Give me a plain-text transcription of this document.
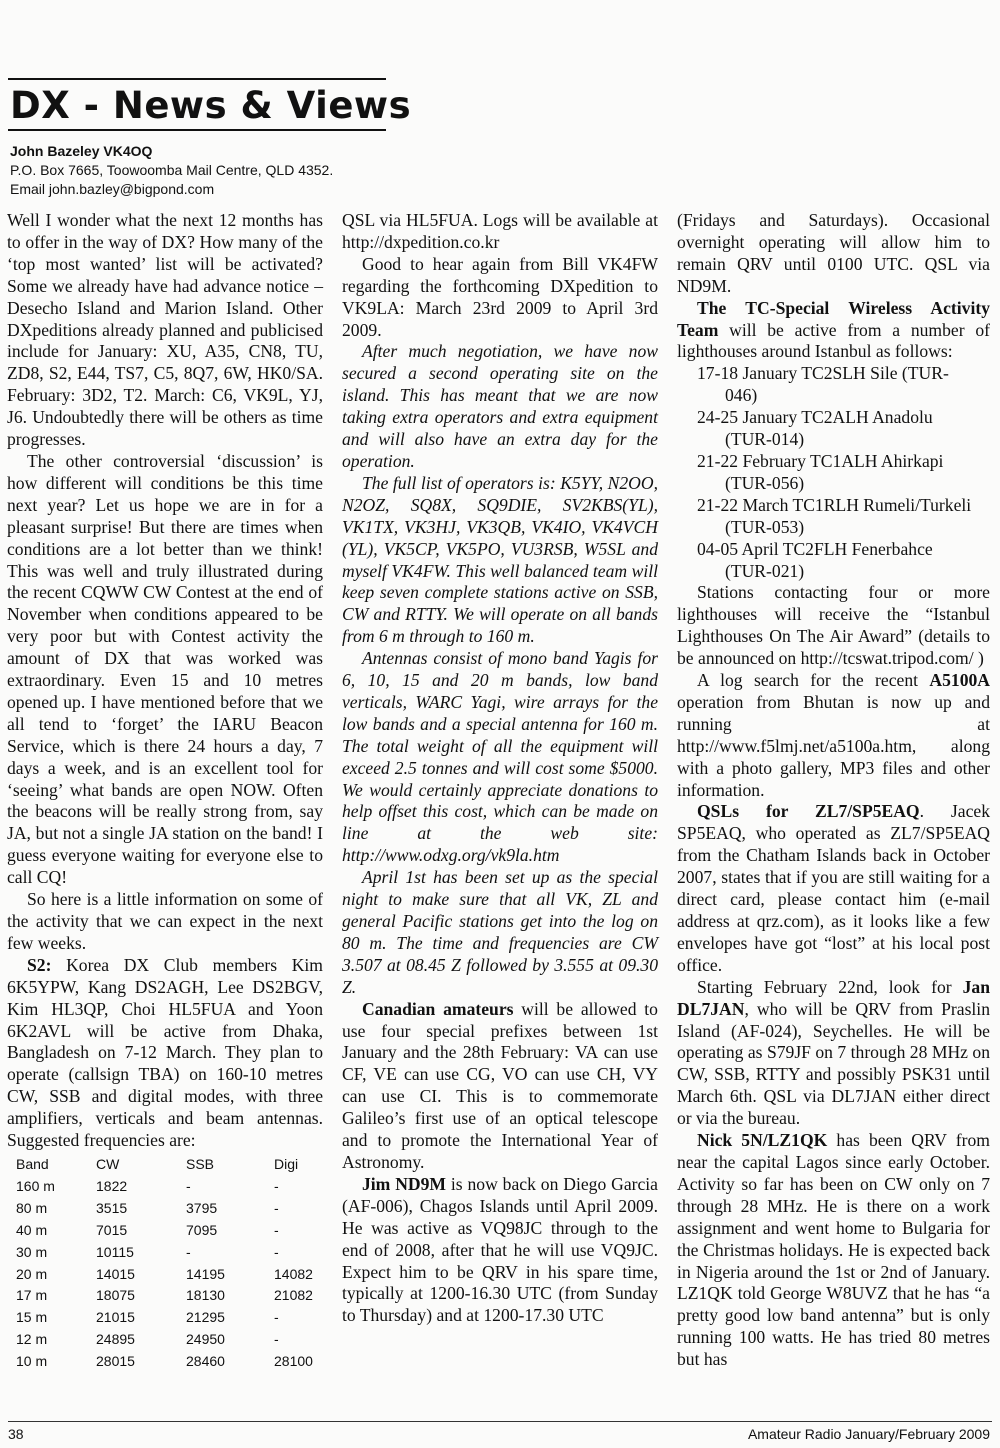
DX - News & Views
John Bazeley VK4OQ
P.O. Box 7665, Toowoomba Mail Centre, QLD 4352.
Email john.bazley@bigpond.com

Well I wonder what the next 12 months has to offer in the way of DX? How many of the ‘top most wanted’ list will be activated? Some we already have had advance notice – Desecho Island and Marion Island. Other DXpeditions already planned and publicised include for January: XU, A35, CN8, TU, ZD8, S2, E44, TS7, C5, 8Q7, 6W, HK0/SA. February: 3D2, T2. March: C6, VK9L, YJ, J6. Undoubtedly there will be others as time progresses.

The other controversial ‘discussion’ is how different will conditions be this time next year? Let us hope we are in for a pleasant surprise! But there are times when conditions are a lot better than we think! This was well and truly illustrated during the recent CQWW CW Contest at the end of November when conditions appeared to be very poor but with Contest activity the amount of DX that was worked was extraordinary. Even 15 and 10 metres opened up. I have mentioned before that we all tend to ‘forget’ the IARU Beacon Service, which is there 24 hours a day, 7 days a week, and is an excellent tool for ‘seeing’ what bands are open NOW. Often the beacons will be really strong from, say JA, but not a single JA station on the band! I guess everyone waiting for everyone else to call CQ!

So here is a little information on some of the activity that we can expect in the next few weeks.

S2: Korea DX Club members Kim 6K5YPW, Kang DS2AGH, Lee DS2BGV, Kim HL3QP, Choi HL5FUA and Yoon 6K2AVL will be active from Dhaka, Bangladesh on 7-12 March. They plan to operate (callsign TBA) on 160-10 metres CW, SSB and digital modes, with three amplifiers, verticals and beam antennas. Suggested frequencies are:

Band	CW	SSB	Digi
160 m	1822	-	-
80 m	3515	3795	-
40 m	7015	7095	-
30 m	10115	-	-
20 m	14015	14195	14082
17 m	18075	18130	21082
15 m	21015	21295	-
12 m	24895	24950	-
10 m	28015	28460	28100

QSL via HL5FUA. Logs will be available at http://dxpedition.co.kr

Good to hear again from Bill VK4FW regarding the forthcoming DXpedition to VK9LA: March 23rd 2009 to April 3rd 2009.

After much negotiation, we have now secured a second operating site on the island. This has meant that we are now taking extra operators and extra equipment and will also have an extra day for the operation.

The full list of operators is: K5YY, N2OO, N2OZ, SQ8X, SQ9DIE, SV2KBS(YL), VK1TX, VK3HJ, VK3QB, VK4IO, VK4VCH (YL), VK5CP, VK5PO, VU3RSB, W5SL and myself VK4FW. This well balanced team will keep seven complete stations active on SSB, CW and RTTY. We will operate on all bands from 6 m through to 160 m.

Antennas consist of mono band Yagis for 6, 10, 15 and 20 m bands, low band verticals, WARC Yagi, wire arrays for the low bands and a special antenna for 160 m. The total weight of all the equipment will exceed 2.5 tonnes and will cost some $5000. We would certainly appreciate donations to help offset this cost, which can be made on line at the web site: http://www.odxg.org/vk9la.htm

April 1st has been set up as the special night to make sure that all VK, ZL and general Pacific stations get into the log on 80 m. The time and frequencies are CW 3.507 at 08.45 Z followed by 3.555 at 09.30 Z.

Canadian amateurs will be allowed to use four special prefixes between 1st January and the 28th February: VA can use CF, VE can use CG, VO can use CH, VY can use CI. This is to commemorate Galileo’s first use of an optical telescope and to promote the International Year of Astronomy.

Jim ND9M is now back on Diego Garcia (AF-006), Chagos Islands until April 2009. He was active as VQ98JC through to the end of 2008, after that he will use VQ9JC. Expect him to be QRV in his spare time, typically at 1200-16.30 UTC (from Sunday to Thursday) and at 1200-17.30 UTC

(Fridays and Saturdays). Occasional overnight operating will allow him to remain QRV until 0100 UTC. QSL via ND9M.

The TC-Special Wireless Activity Team will be active from a number of lighthouses around Istanbul as follows:

17-18 January TC2SLH Sile (TUR-
046)

24-25 January TC2ALH Anadolu
(TUR-014)

21-22 February TC1ALH Ahirkapi
(TUR-056)

21-22 March TC1RLH Rumeli/Turkeli
(TUR-053)

04-05 April TC2FLH Fenerbahce
(TUR-021)

Stations contacting four or more lighthouses will receive the “Istanbul Lighthouses On The Air Award” (details to be announced on http://tcswat.tripod.com/ )

A log search for the recent A5100A operation from Bhutan is now up and running at http://www.f5lmj.net/a5100a.htm, along with a photo gallery, MP3 files and other information.

QSLs for ZL7/SP5EAQ. Jacek SP5EAQ, who operated as ZL7/SP5EAQ from the Chatham Islands back in October 2007, states that if you are still waiting for a direct card, please contact him (e-mail address at qrz.com), as it looks like a few envelopes have got “lost” at his local post office.

Starting February 22nd, look for Jan DL7JAN, who will be QRV from Praslin Island (AF-024), Seychelles. He will be operating as S79JF on 7 through 28 MHz on CW, SSB, RTTY and possibly PSK31 until March 6th. QSL via DL7JAN either direct or via the bureau.

Nick 5N/LZ1QK has been QRV from near the capital Lagos since early October. Activity so far has been on CW only on 7 through 28 MHz. He is there on a work assignment and went home to Bulgaria for the Christmas holidays. He is expected back in Nigeria around the 1st or 2nd of January. LZ1QK told George W8UVZ that he has “a pretty good low band antenna” but is only running 100 watts. He has tried 80 metres but has

38	Amateur Radio January/February 2009
